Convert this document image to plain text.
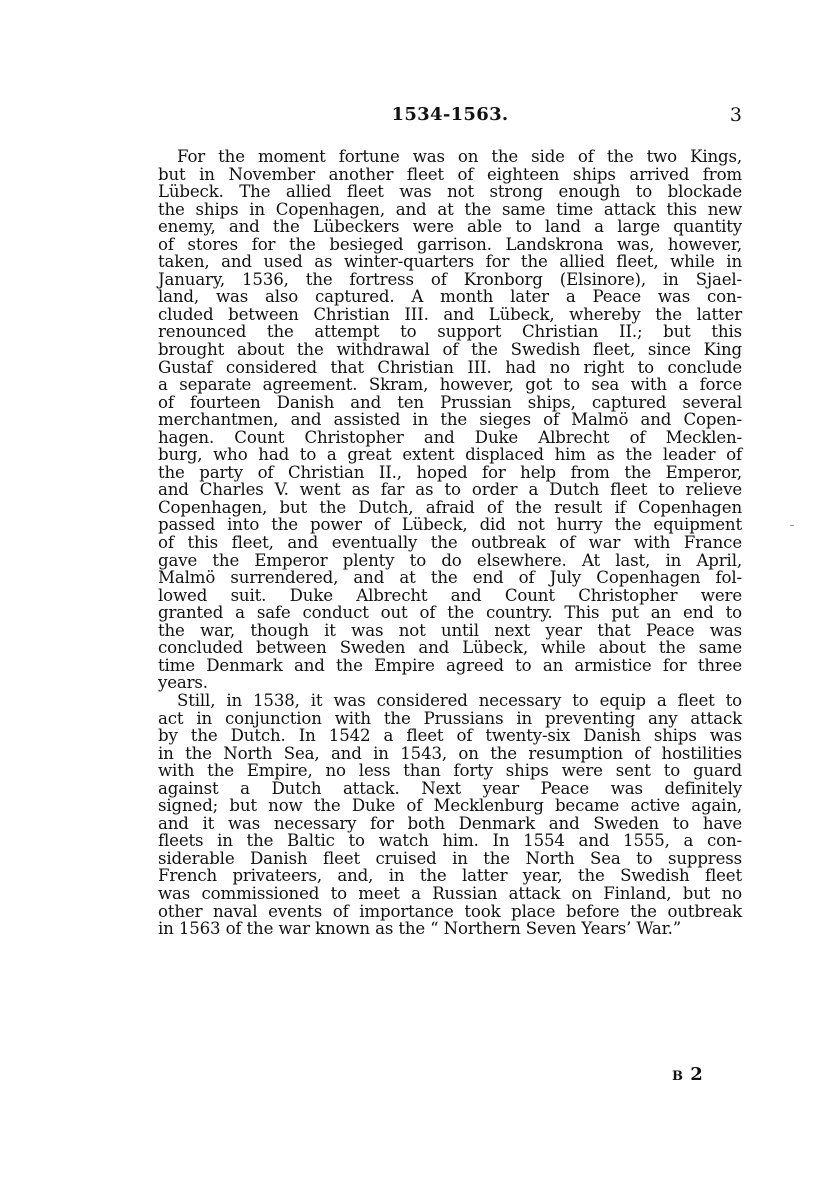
1534-1563.	3
For the moment fortune was on the side of the two Kings,
but in November another fleet of eighteen ships arrived from
Lübeck. The allied fleet was not strong enough to blockade
the ships in Copenhagen, and at the same time attack this new
enemy, and the Lübeckers were able to land a large quantity
of stores for the besieged garrison. Landskrona was, however,
taken, and used as winter-quarters for the allied fleet, while in
January, 1536, the fortress of Kronborg (Elsinore), in Sjael-
land, was also captured. A month later a Peace was con-
cluded between Christian III. and Lübeck, whereby the latter
renounced the attempt to support Christian II.; but this
brought about the withdrawal of the Swedish fleet, since King
Gustaf considered that Christian III. had no right to conclude
a separate agreement. Skram, however, got to sea with a force
of fourteen Danish and ten Prussian ships, captured several
merchantmen, and assisted in the sieges of Malmö and Copen-
hagen. Count Christopher and Duke Albrecht of Mecklen-
burg, who had to a great extent displaced him as the leader of
the party of Christian II., hoped for help from the Emperor,
and Charles V. went as far as to order a Dutch fleet to relieve
Copenhagen, but the Dutch, afraid of the result if Copenhagen
passed into the power of Lübeck, did not hurry the equipment
of this fleet, and eventually the outbreak of war with France
gave the Emperor plenty to do elsewhere. At last, in April,
Malmö surrendered, and at the end of July Copenhagen fol-
lowed suit. Duke Albrecht and Count Christopher were
granted a safe conduct out of the country. This put an end to
the war, though it was not until next year that Peace was
concluded between Sweden and Lübeck, while about the same
time Denmark and the Empire agreed to an armistice for three
years.
Still, in 1538, it was considered necessary to equip a fleet to
act in conjunction with the Prussians in preventing any attack
by the Dutch. In 1542 a fleet of twenty-six Danish ships was
in the North Sea, and in 1543, on the resumption of hostilities
with the Empire, no less than forty ships were sent to guard
against a Dutch attack. Next year Peace was definitely
signed; but now the Duke of Mecklenburg became active again,
and it was necessary for both Denmark and Sweden to have
fleets in the Baltic to watch him. In 1554 and 1555, a con-
siderable Danish fleet cruised in the North Sea to suppress
French privateers, and, in the latter year, the Swedish fleet
was commissioned to meet a Russian attack on Finland, but no
other naval events of importance took place before the outbreak
in 1563 of the war known as the “ Northern Seven Years’ War.”
B 2
